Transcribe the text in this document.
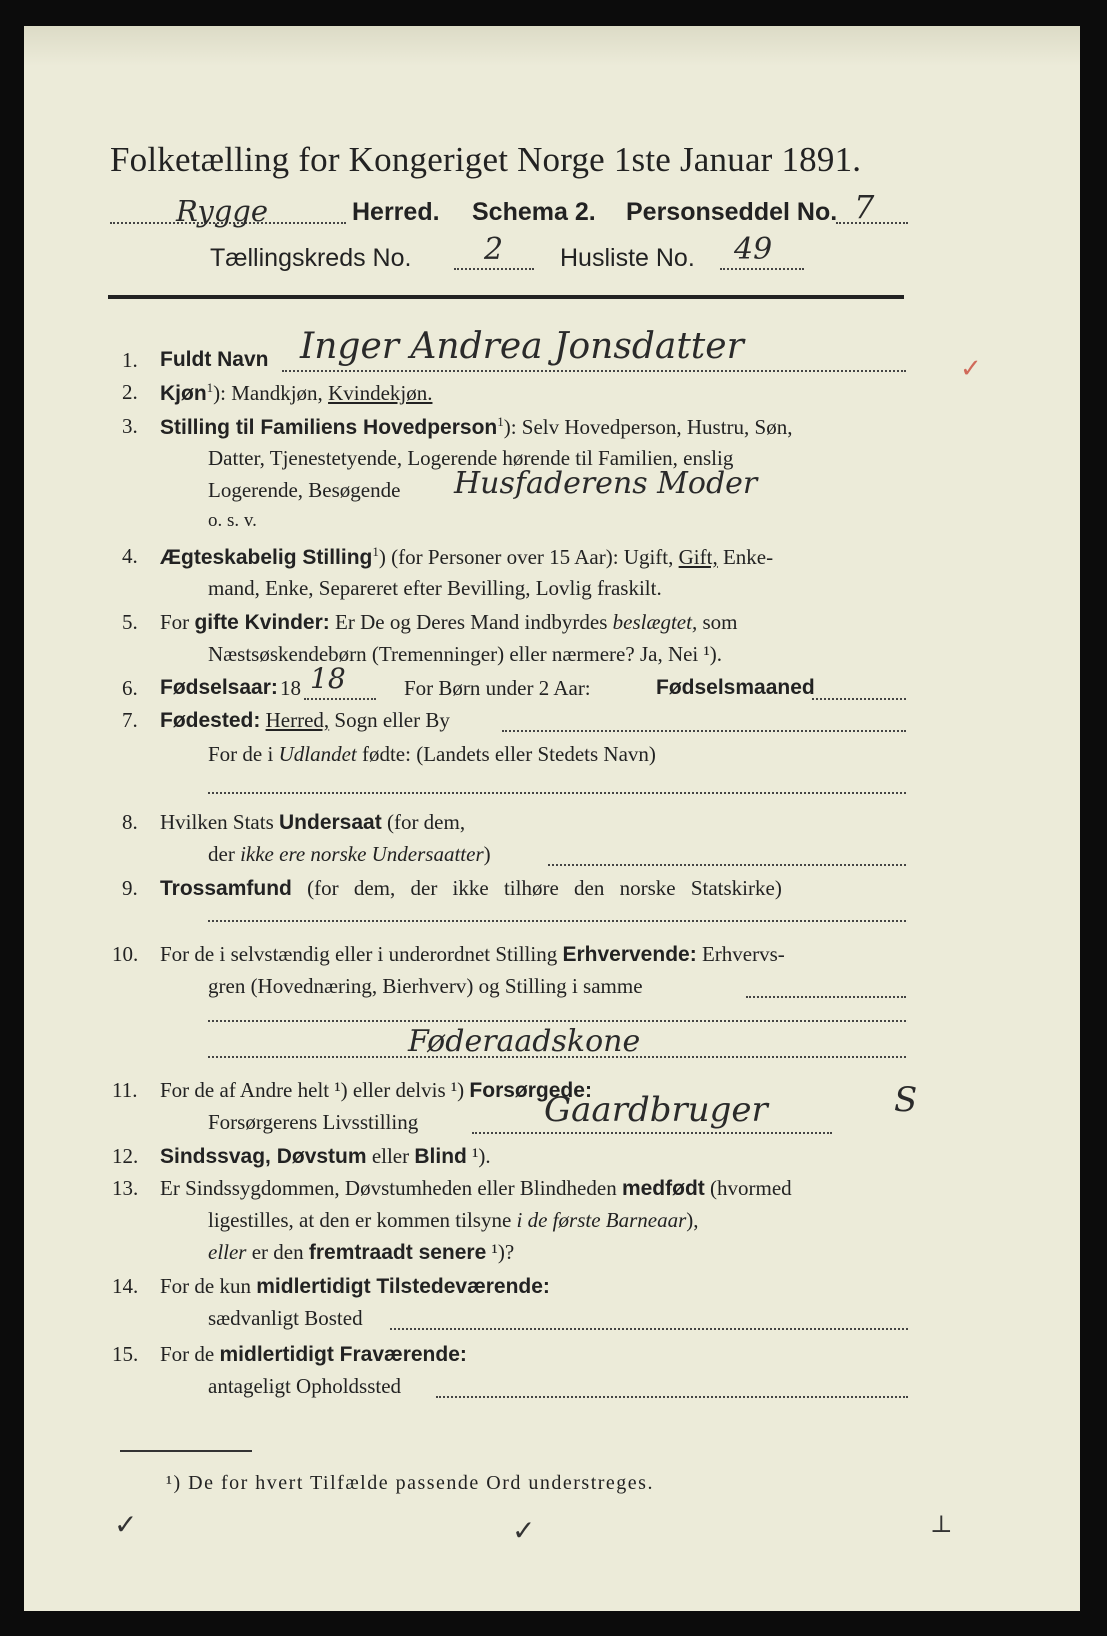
Folketælling for Kongeriget Norge 1ste Januar 1891.
Rygge	Herred. Schema 2. Personseddel No. 7
Tællingskreds No. 2 Husliste No. 49
1. Fuldt Navn Inger Andrea Jonsdatter
✓
2. Kjøn$^1$): Mandkjøn, Kvindekjøn.
3. Stilling til Familiens Hovedperson$^1$): Selv Hovedperson, Hustru, Søn,
Datter, Tjenestetyende, Logerende hørende til Familien, enslig
Logerende, Besøgende Husfaderens Moder
o. s. v.
4. Ægteskabelig Stilling$^1$) (for Personer over 15 Aar): Ugift, Gift, Enke-
mand, Enke, Separeret efter Bevilling, Lovlig fraskilt.
5. For gifte Kvinder: Er De og Deres Mand indbyrdes beslægtet, som
Næstsøskendebørn (Tremenninger) eller nærmere? Ja, Nei ¹).
6. Fødselsaar: 18 18	For Børn under 2 Aar:	Fødselsmaaned
7. Fødested: Herred, Sogn eller By
For de i Udlandet fødte: (Landets eller Stedets Navn)
8. Hvilken Stats Undersaat (for dem,
der ikke ere norske Undersaatter)
9. Trossamfund (for dem, der ikke tilhøre den norske Statskirke)
10. For de i selvstændig eller i underordnet Stilling Erhvervende: Erhvervs-
gren (Hovednæring, Bierhverv) og Stilling i samme
Føderaadskone
11. For de af Andre helt ¹) eller delvis ¹) Forsørgede:
Forsørgerens Livsstilling	Gaardbruger	S
12. Sindssvag, Døvstum eller Blind ¹).
13. Er Sindssygdommen, Døvstumheden eller Blindheden medfødt (hvormed
ligestilles, at den er kommen tilsyne i de første Barneaar),
eller er den fremtraadt senere ¹)?
14. For de kun midlertidigt Tilstedeværende:
sædvanligt Bosted
15. For de midlertidigt Fraværende:
antageligt Opholdssted
¹) De for hvert Tilfælde passende Ord understreges.
✓	✓	⊥
